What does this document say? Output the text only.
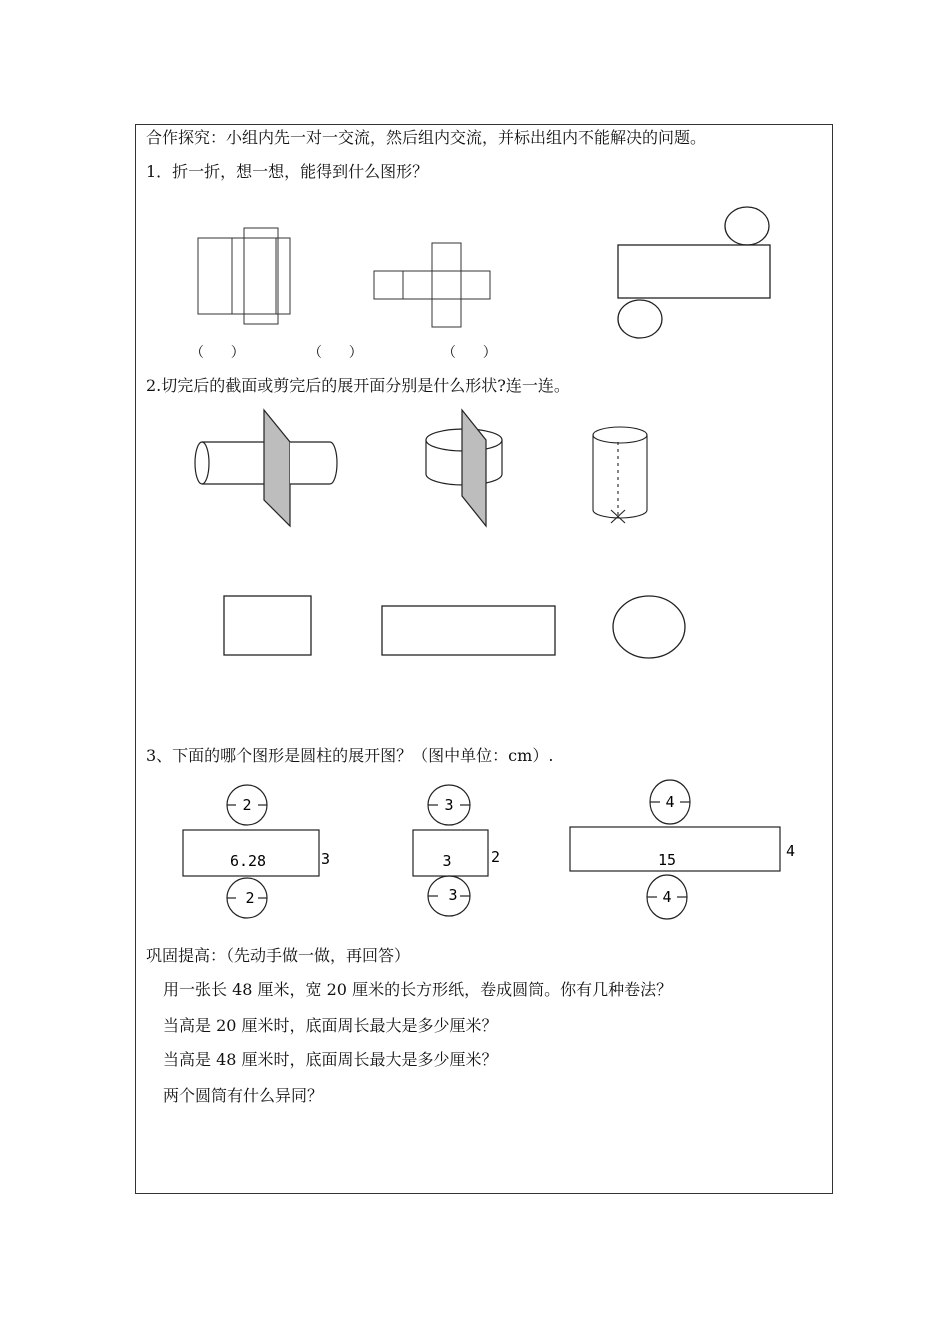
合作探究：小组内先一对一交流，然后组内交流，并标出组内不能解决的问题。
1．折一折，想一想，能得到什么图形？
（      ）	（      ）	（      ）
2.切完后的截面或剪完后的展开面分别是什么形状?连一连。
3、下面的哪个图形是圆柱的展开图？（图中单位：cm）.
2
6.28	3
2
3
3	2
3
4
15	4
4
巩固提高：（先动手做一做，再回答）
用一张长 48 厘米，宽 20 厘米的长方形纸，卷成圆筒。你有几种卷法？
当高是 20 厘米时，底面周长最大是多少厘米？
当高是 48 厘米时，底面周长最大是多少厘米？
两个圆筒有什么异同？
